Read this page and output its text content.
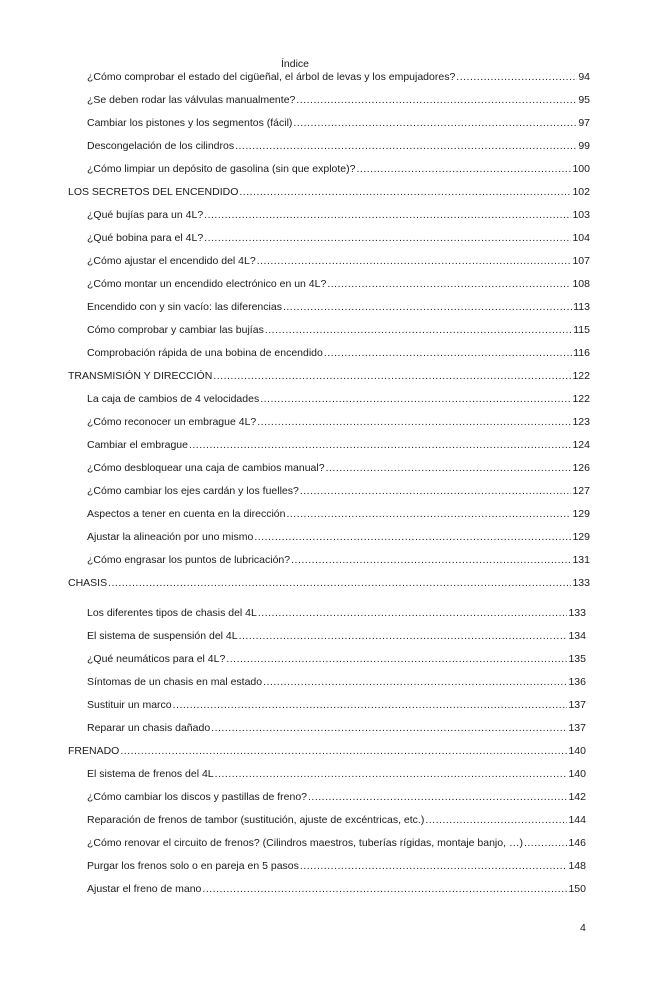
Índice
¿Cómo comprobar el estado del cigüeñal, el árbol de levas y los empujadores? .....	94
¿Se deben rodar las válvulas manualmente? .....	95
Cambiar los pistones y los segmentos (fácil) .....	97
Descongelación de los cilindros .....	99
¿Cómo limpiar un depósito de gasolina (sin que explote)? .....	100
LOS SECRETOS DEL ENCENDIDO .....	102
¿Qué bujías para un 4L? .....	103
¿Qué bobina para el 4L? .....	104
¿Cómo ajustar el encendido del 4L? .....	107
¿Cómo montar un encendido electrónico en un 4L? .....	108
Encendido con y sin vacío: las diferencias .....	113
Cómo comprobar y cambiar las bujías .....	115
Comprobación rápida de una bobina de encendido .....	116
TRANSMISIÓN Y DIRECCIÓN .....	122
La caja de cambios de 4 velocidades .....	122
¿Cómo reconocer un embrague 4L? .....	123
Cambiar el embrague .....	124
¿Cómo desbloquear una caja de cambios manual? .....	126
¿Cómo cambiar los ejes cardán y los fuelles? .....	127
Aspectos a tener en cuenta en la dirección .....	129
Ajustar la alineación por uno mismo .....	129
¿Cómo engrasar los puntos de lubricación? .....	131
CHASIS .....	133
Los diferentes tipos de chasis del 4L .....	133
El sistema de suspensión del 4L .....	134
¿Qué neumáticos para el 4L? .....	135
Síntomas de un chasis en mal estado .....	136
Sustituir un marco .....	137
Reparar un chasis dañado .....	137
FRENADO .....	140
El sistema de frenos del 4L .....	140
¿Cómo cambiar los discos y pastillas de freno? .....	142
Reparación de frenos de tambor (sustitución, ajuste de excéntricas, etc.) .....	144
¿Cómo renovar el circuito de frenos? (Cilindros maestros, tuberías rígidas, montaje banjo, …) .....	146
Purgar los frenos solo o en pareja en 5 pasos .....	148
Ajustar el freno de mano .....	150
4
